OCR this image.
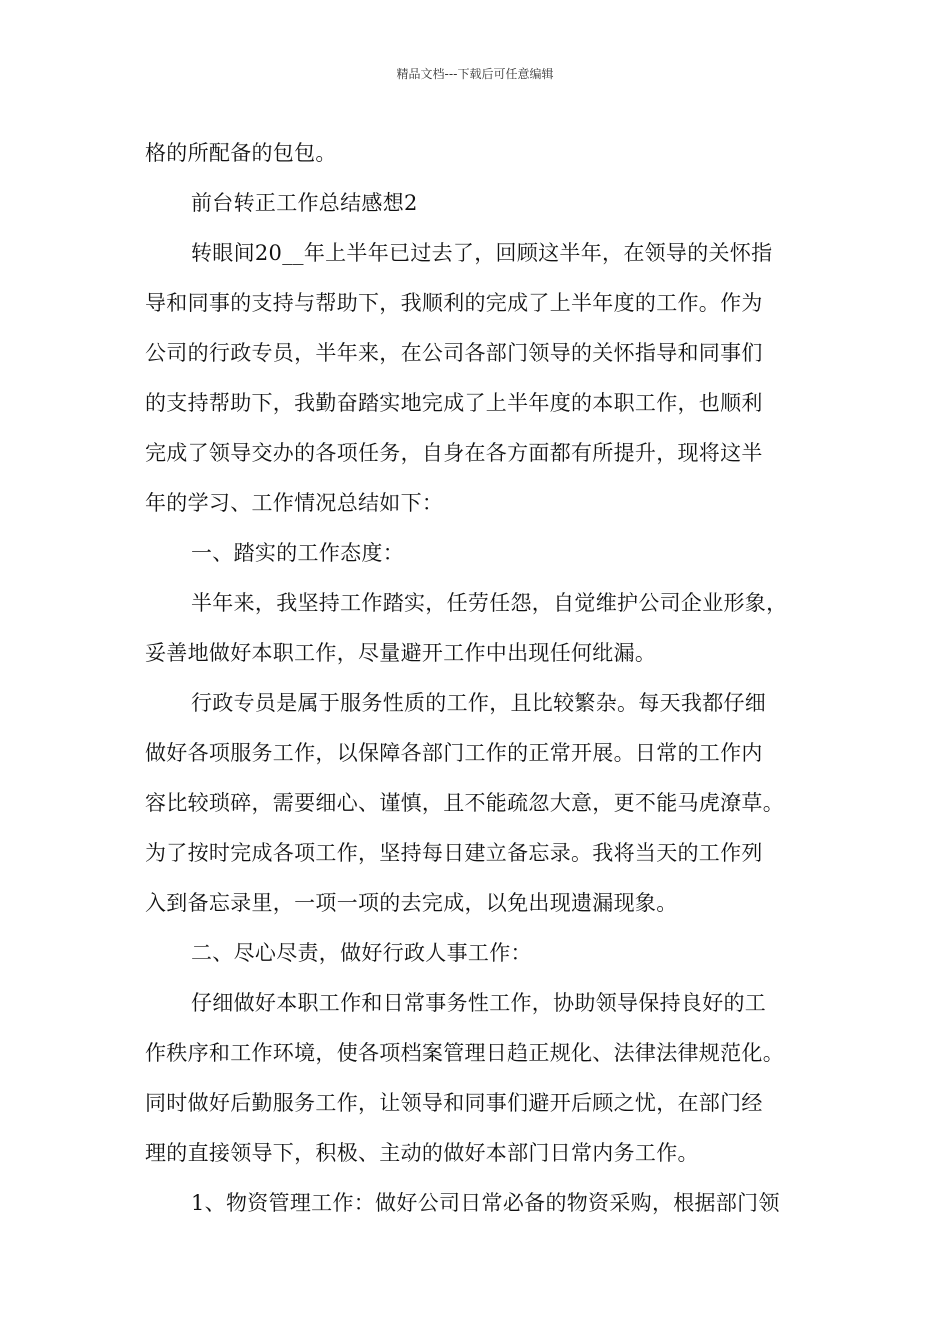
精品文档---下载后可任意编辑
格的所配备的包包。
前台转正工作总结感想2
转眼间20__年上半年已过去了，回顾这半年，在领导的关怀指
导和同事的支持与帮助下，我顺利的完成了上半年度的工作。作为
公司的行政专员，半年来，在公司各部门领导的关怀指导和同事们
的支持帮助下，我勤奋踏实地完成了上半年度的本职工作，也顺利
完成了领导交办的各项任务，自身在各方面都有所提升，现将这半
年的学习、工作情况总结如下：
一、踏实的工作态度：
半年来，我坚持工作踏实，任劳任怨，自觉维护公司企业形象，
妥善地做好本职工作，尽量避开工作中出现任何纰漏。
行政专员是属于服务性质的工作，且比较繁杂。每天我都仔细
做好各项服务工作，以保障各部门工作的正常开展。日常的工作内
容比较琐碎，需要细心、谨慎，且不能疏忽大意，更不能马虎潦草。
为了按时完成各项工作，坚持每日建立备忘录。我将当天的工作列
入到备忘录里，一项一项的去完成，以免出现遗漏现象。
二、尽心尽责，做好行政人事工作：
仔细做好本职工作和日常事务性工作，协助领导保持良好的工
作秩序和工作环境，使各项档案管理日趋正规化、法律法律规范化。
同时做好后勤服务工作，让领导和同事们避开后顾之忧，在部门经
理的直接领导下，积极、主动的做好本部门日常内务工作。
1、物资管理工作：做好公司日常必备的物资采购，根据部门领
